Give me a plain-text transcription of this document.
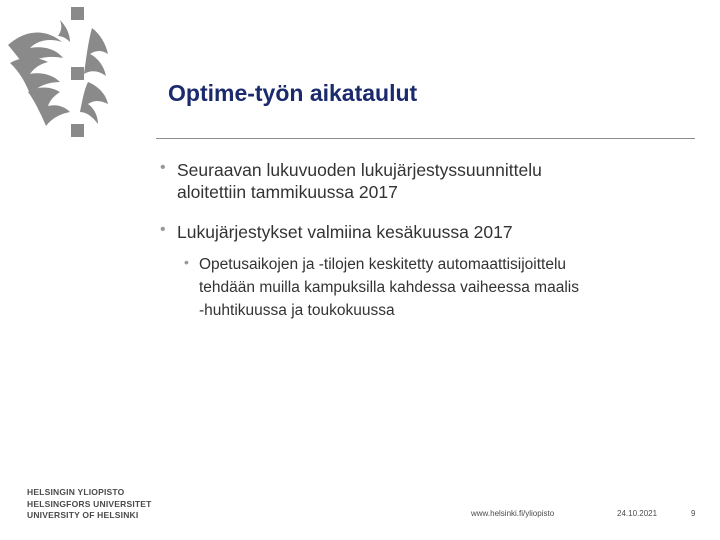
Optime-työn aikataulut
• Seuraavan lukuvuoden lukujärjestyssuunnittelu
aloitettiin tammikuussa 2017
• Lukujärjestykset valmiina kesäkuussa 2017
• Opetusaikojen ja -tilojen keskitetty automaattisijoittelu
tehdään muilla kampuksilla kahdessa vaiheessa maalis
-huhtikuussa ja toukokuussa
HELSINGIN YLIOPISTO
HELSINGFORS UNIVERSITET
UNIVERSITY OF HELSINKI	www.helsinki.fi/yliopisto	24.10.2021	9
